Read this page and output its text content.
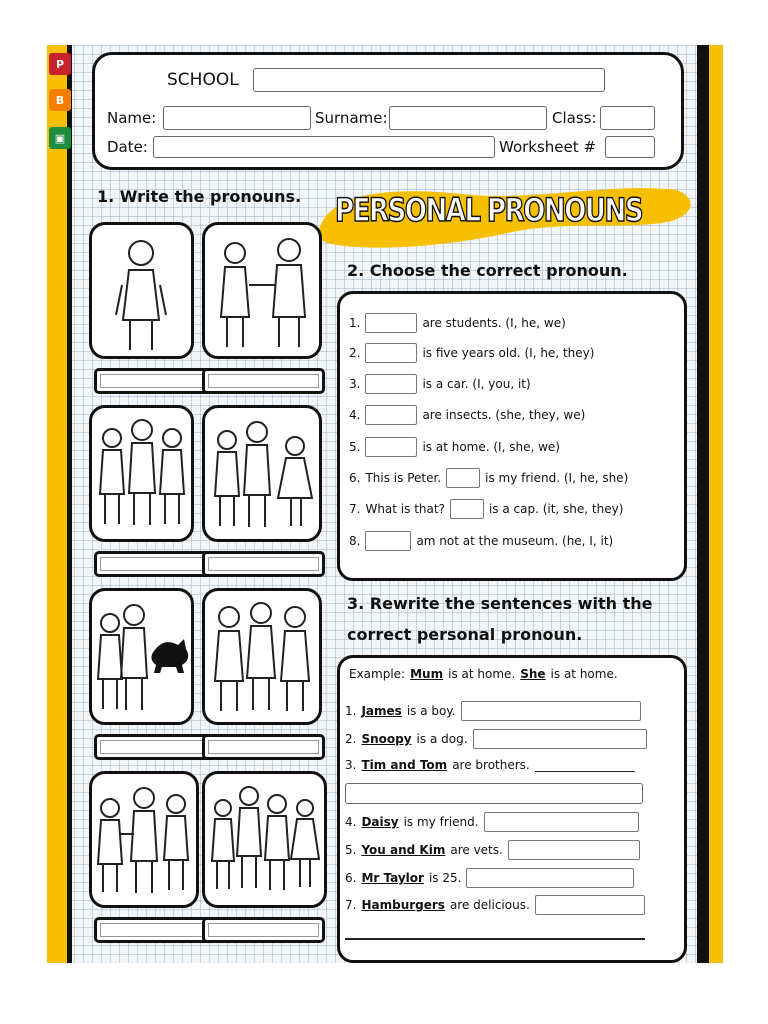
P
B
▣
SCHOOL
Name:	Surname:	Class:
Date:	Worksheet #
1. Write the pronouns. PERSONAL PRONOUNS
2. Choose the correct pronoun.
1.	are students. (I, he, we)
2.	is five years old. (I, he, they)
3.	is a car. (I, you, it)
4.	are insects. (she, they, we)
5.	is at home. (I, she, we)
6. This is Peter.	is my friend. (I, he, she)
7. What is that?	is a cap. (it, she, they)
8.	am not at the museum. (he, I, it)
3. Rewrite the sentences with the
correct personal pronoun.
Example: Mum is at home. She is at home.
1. James is a boy.
2. Snoopy is a dog.
3. Tim and Tom are brothers.
4. Daisy is my friend.
5. You and Kim are vets.
6. Mr Taylor is 25.
7. Hamburgers are delicious.
